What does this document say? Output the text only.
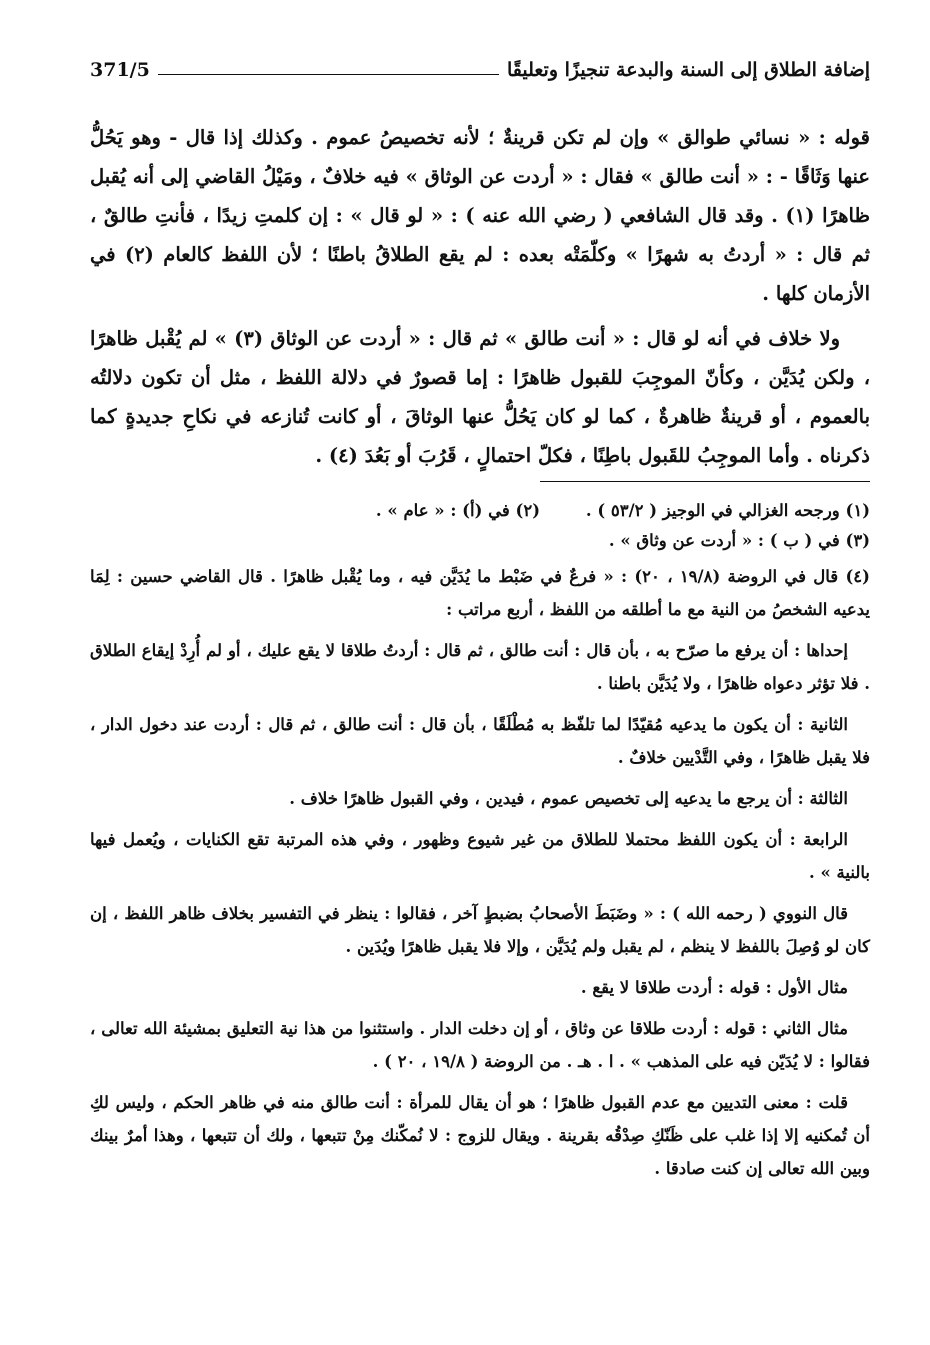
إضافة الطلاق إلى السنة والبدعة تنجيزًا وتعليقًا
371/5

قوله : « نسائي طوالق » وإن لم تكن قرينةٌ ؛ لأنه تخصيصُ عموم . وكذلك إذا قال - وهو يَحُلُّ عنها وَثَاقًا - : « أنت طالق » فقال : « أردت عن الوثاق » فيه خلافٌ ، ومَيْلُ القاضي إلى أنه يُقبل ظاهرًا (١) . وقد قال الشافعي ( رضي الله عنه ) : « لو قال » : إن كلمتِ زيدًا ، فأنتِ طالقٌ ، ثم قال : « أردتُ به شهرًا » وكلّمَتْه بعده : لم يقع الطلاقُ باطنًا ؛ لأن اللفظ كالعام (٢) في الأزمان كلها .

ولا خلاف في أنه لو قال : « أنت طالق » ثم قال : « أردت عن الوثاق (٣) » لم يُقْبل ظاهرًا ، ولكن يُدَيَّن ، وكأنّ الموجِبَ للقبول ظاهرًا : إما قصورٌ في دلالة اللفظ ، مثل أن تكون دلالتُه بالعموم ، أو قرينةٌ ظاهرةٌ ، كما لو كان يَحُلُّ عنها الوثاقَ ، أو كانت تُنازعه في نكاحِ جديدةٍ كما ذكرناه . وأما الموجِبُ للقَبول باطِنًا ، فكلّ احتمالٍ ، قَرُبَ أو بَعُدَ (٤) .

(١) ورجحه الغزالي في الوجيز ( ٥٣/٢ ) .
(٢) في (أ) : « عام » .
(٣) في ( ب ) : « أردت عن وثاق » .

(٤) قال في الروضة (١٩/٨ ، ٢٠) : « فرعٌ في ضَبْط ما يُدَيَّن فيه ، وما يُقْبل ظاهرًا . قال القاضي حسين : لِمَا يدعيه الشخصُ من النية مع ما أطلقه من اللفظ ، أربع مراتب :

إحداها : أن يرفع ما صرّح به ، بأن قال : أنت طالق ، ثم قال : أردتُ طلاقا لا يقع عليك ، أو لم أُرِدْ إيقاع الطلاق . فلا تؤثر دعواه ظاهرًا ، ولا يُدَيَّن باطنا .

الثانية : أن يكون ما يدعيه مُقيّدًا لما تلفّظ به مُطْلَقًا ، بأن قال : أنت طالق ، ثم قال : أردت عند دخول الدار ، فلا يقبل ظاهرًا ، وفي التَّدْيين خلافٌ .

الثالثة : أن يرجع ما يدعيه إلى تخصيص عموم ، فيدين ، وفي القبول ظاهرًا خلاف .

الرابعة : أن يكون اللفظ محتملا للطلاق من غير شيوع وظهور ، وفي هذه المرتبة تقع الكنايات ، ويُعمل فيها بالنية » .

قال النووي ( رحمه الله ) : « وضَبَطَ الأصحابُ بضبطٍ آخر ، فقالوا : ينظر في التفسير بخلاف ظاهر اللفظ ، إن كان لو وُصِلَ باللفظ لا ينظم ، لم يقبل ولم يُدَيَّن ، وإلا فلا يقبل ظاهرًا ويُدَين .

مثال الأول : قوله : أردت طلاقا لا يقع .

مثال الثاني : قوله : أردت طلاقا عن وثاق ، أو إن دخلت الدار . واستثنوا من هذا نية التعليق بمشيئة الله تعالى ، فقالوا : لا يُدَيّن فيه على المذهب » . ا . هـ . من الروضة ( ١٩/٨ ، ٢٠ ) .

قلت : معنى التديين مع عدم القبول ظاهرًا ؛ هو أن يقال للمرأة : أنت طالق منه في ظاهر الحكم ، وليس لكِ أن تُمكنيه إلا إذا غلب على ظَنّكِ صِدْقُه بقرينة . ويقال للزوج : لا نُمكّنك مِنْ تتبعها ، ولك أن تتبعها ، وهذا أمرٌ بينك وبين الله تعالى إن كنت صادقا .
